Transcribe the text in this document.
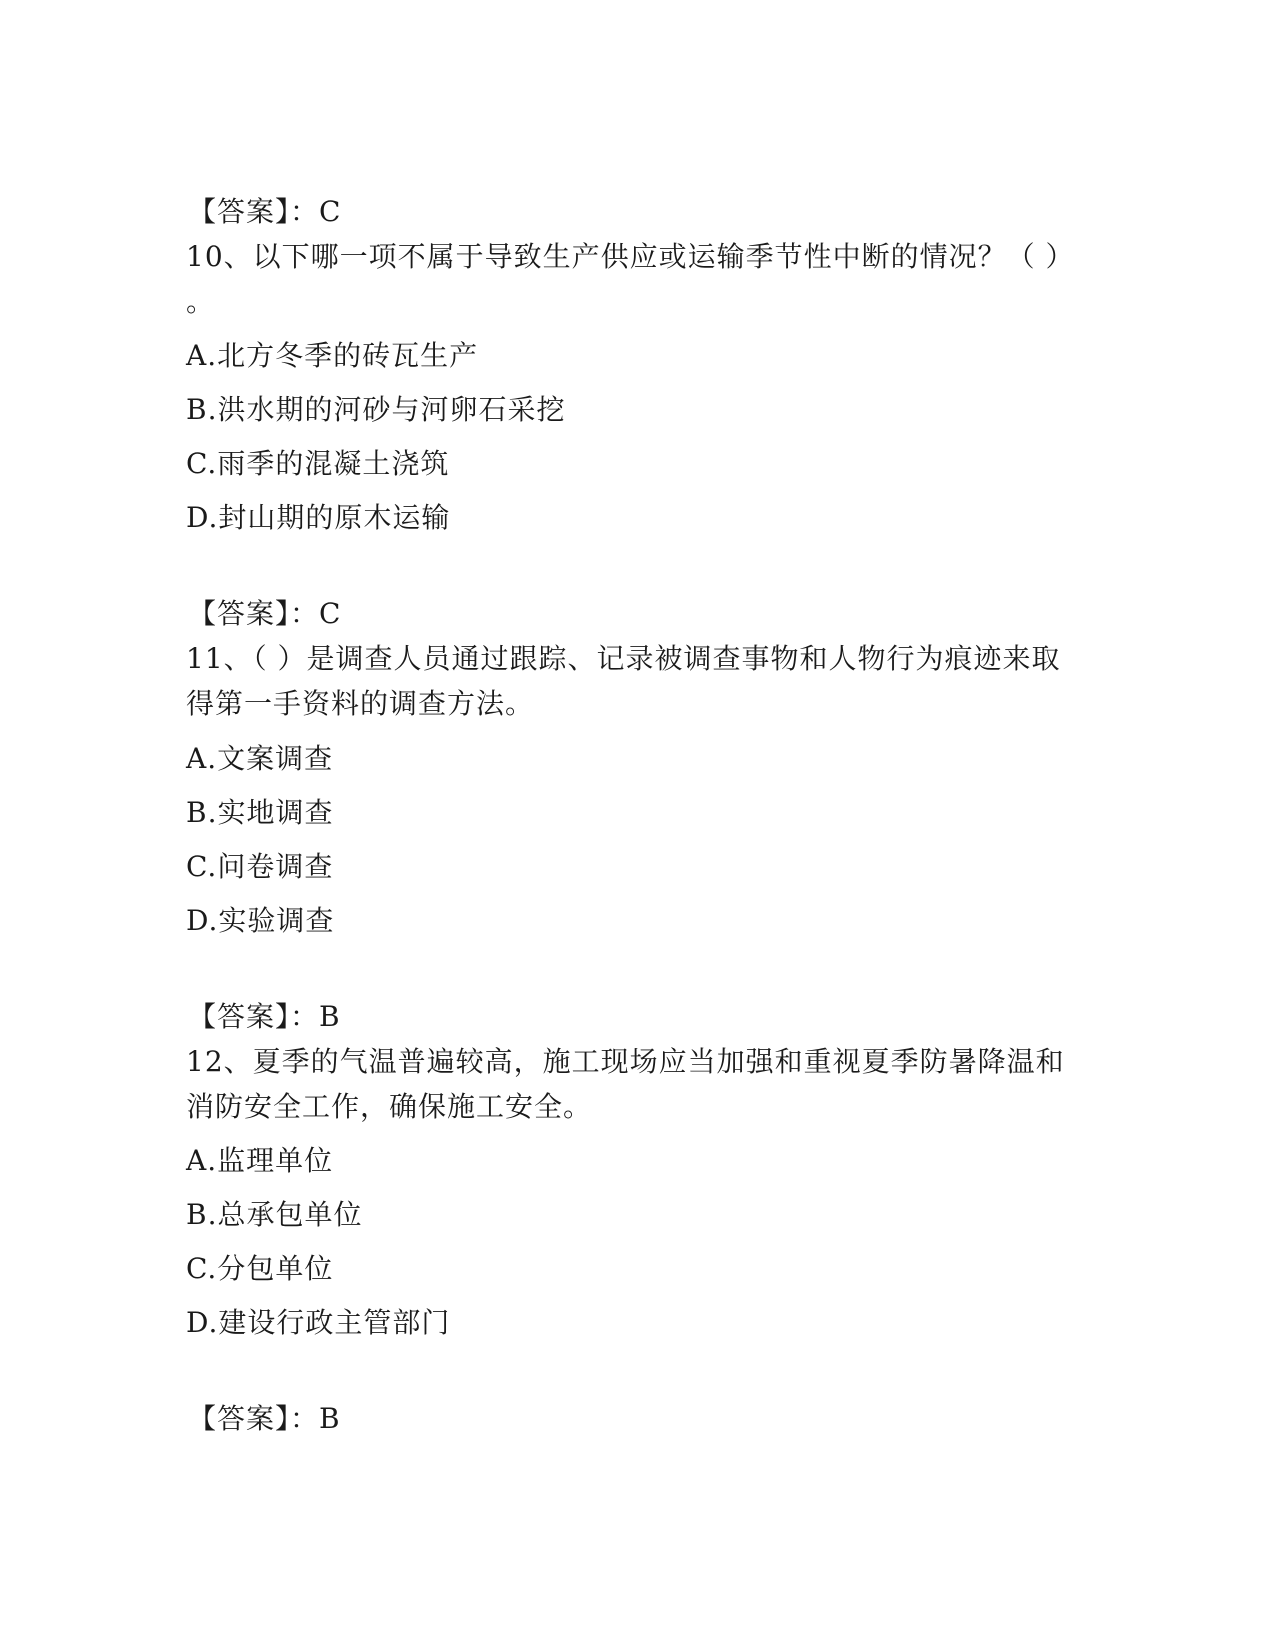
【答案】：C
10、以下哪一项不属于导致生产供应或运输季节性中断的情况？（ ）
。
A.北方冬季的砖瓦生产
B.洪水期的河砂与河卵石采挖
C.雨季的混凝土浇筑
D.封山期的原木运输
【答案】：C
11、（ ）是调查人员通过跟踪、记录被调查事物和人物行为痕迹来取
得第一手资料的调查方法。
A.文案调查
B.实地调查
C.问卷调查
D.实验调查
【答案】：B
12、夏季的气温普遍较高，施工现场应当加强和重视夏季防暑降温和
消防安全工作，确保施工安全。
A.监理单位
B.总承包单位
C.分包单位
D.建设行政主管部门
【答案】：B
